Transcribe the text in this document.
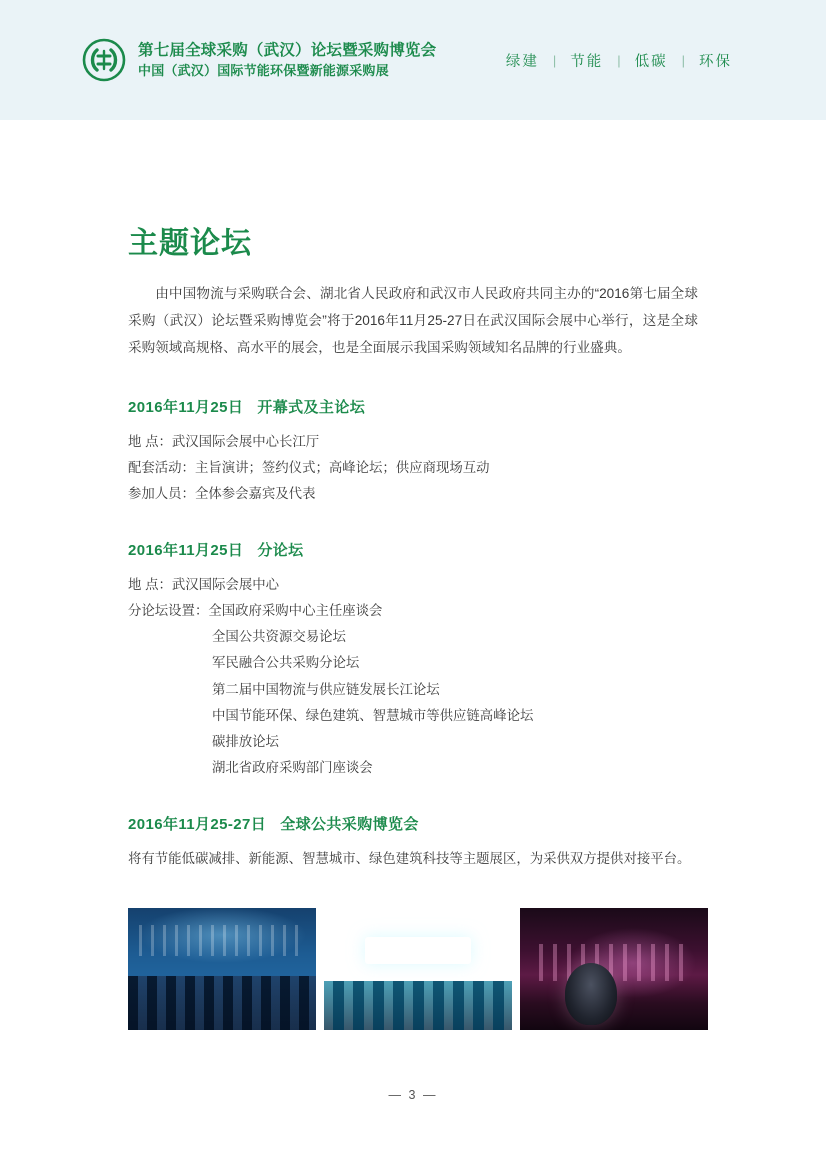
第七届全球采购（武汉）论坛暨采购博览会
中国（武汉）国际节能环保暨新能源采购展
绿建	| 节能	| 低碳	| 环保
主题论坛

由中国物流与采购联合会、湖北省人民政府和武汉市人民政府共同主办的“2016第七届全球采购（武汉）论坛暨采购博览会”将于2016年11月25-27日在武汉国际会展中心举行，这是全球采购领域高规格、高水平的展会，也是全面展示我国采购领域知名品牌的行业盛典。

2016年11月25日 开幕式及主论坛
地 点：武汉国际会展中心长江厅
配套活动：主旨演讲；签约仪式；高峰论坛；供应商现场互动
参加人员：全体参会嘉宾及代表
2016年11月25日 分论坛
地 点：武汉国际会展中心
分论坛设置：全国政府采购中心主任座谈会
全国公共资源交易论坛
军民融合公共采购分论坛
第二届中国物流与供应链发展长江论坛
中国节能环保、绿色建筑、智慧城市等供应链高峰论坛
碳排放论坛
湖北省政府采购部门座谈会
2016年11月25-27日 全球公共采购博览会
将有节能低碳减排、新能源、智慧城市、绿色建筑科技等主题展区，为采供双方提供对接平台。
— 3 —
